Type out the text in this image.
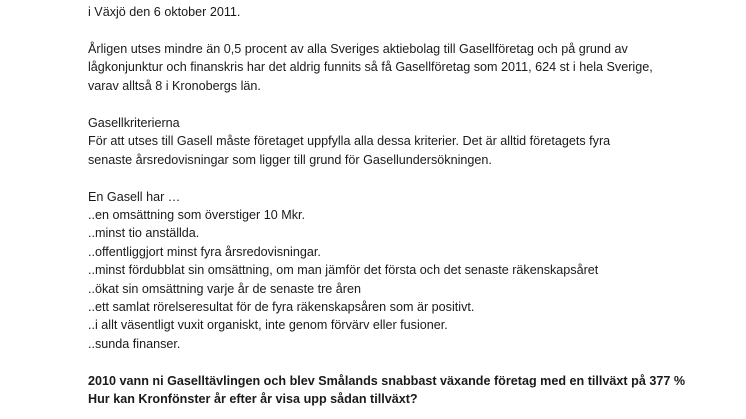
i Växjö den 6 oktober 2011.

Årligen utses mindre än 0,5 procent av alla Sveriges aktiebolag till Gasellföretag och på grund av

lågkonjunktur och finanskris har det aldrig funnits så få Gasellföretag som 2011, 624 st i hela Sverige,

varav alltså 8 i Kronobergs län.

Gasellkriterierna

För att utses till Gasell måste företaget uppfylla alla dessa kriterier. Det är alltid företagets fyra

senaste årsredovisningar som ligger till grund för Gasellundersökningen.

En Gasell har …

..en omsättning som överstiger 10 Mkr.

..minst tio anställda.

..offentliggjort minst fyra årsredovisningar.

..minst fördubblat sin omsättning, om man jämför det första och det senaste räkenskapsåret

..ökat sin omsättning varje år de senaste tre åren

..ett samlat rörelseresultat för de fyra räkenskapsåren som är positivt.

..i allt väsentligt vuxit organiskt, inte genom förvärv eller fusioner.

..sunda finanser.

2010 vann ni Gaselltävlingen och blev Smålands snabbast växande företag med en tillväxt på 377 %

Hur kan Kronfönster år efter år visa upp sådan tillväxt?
